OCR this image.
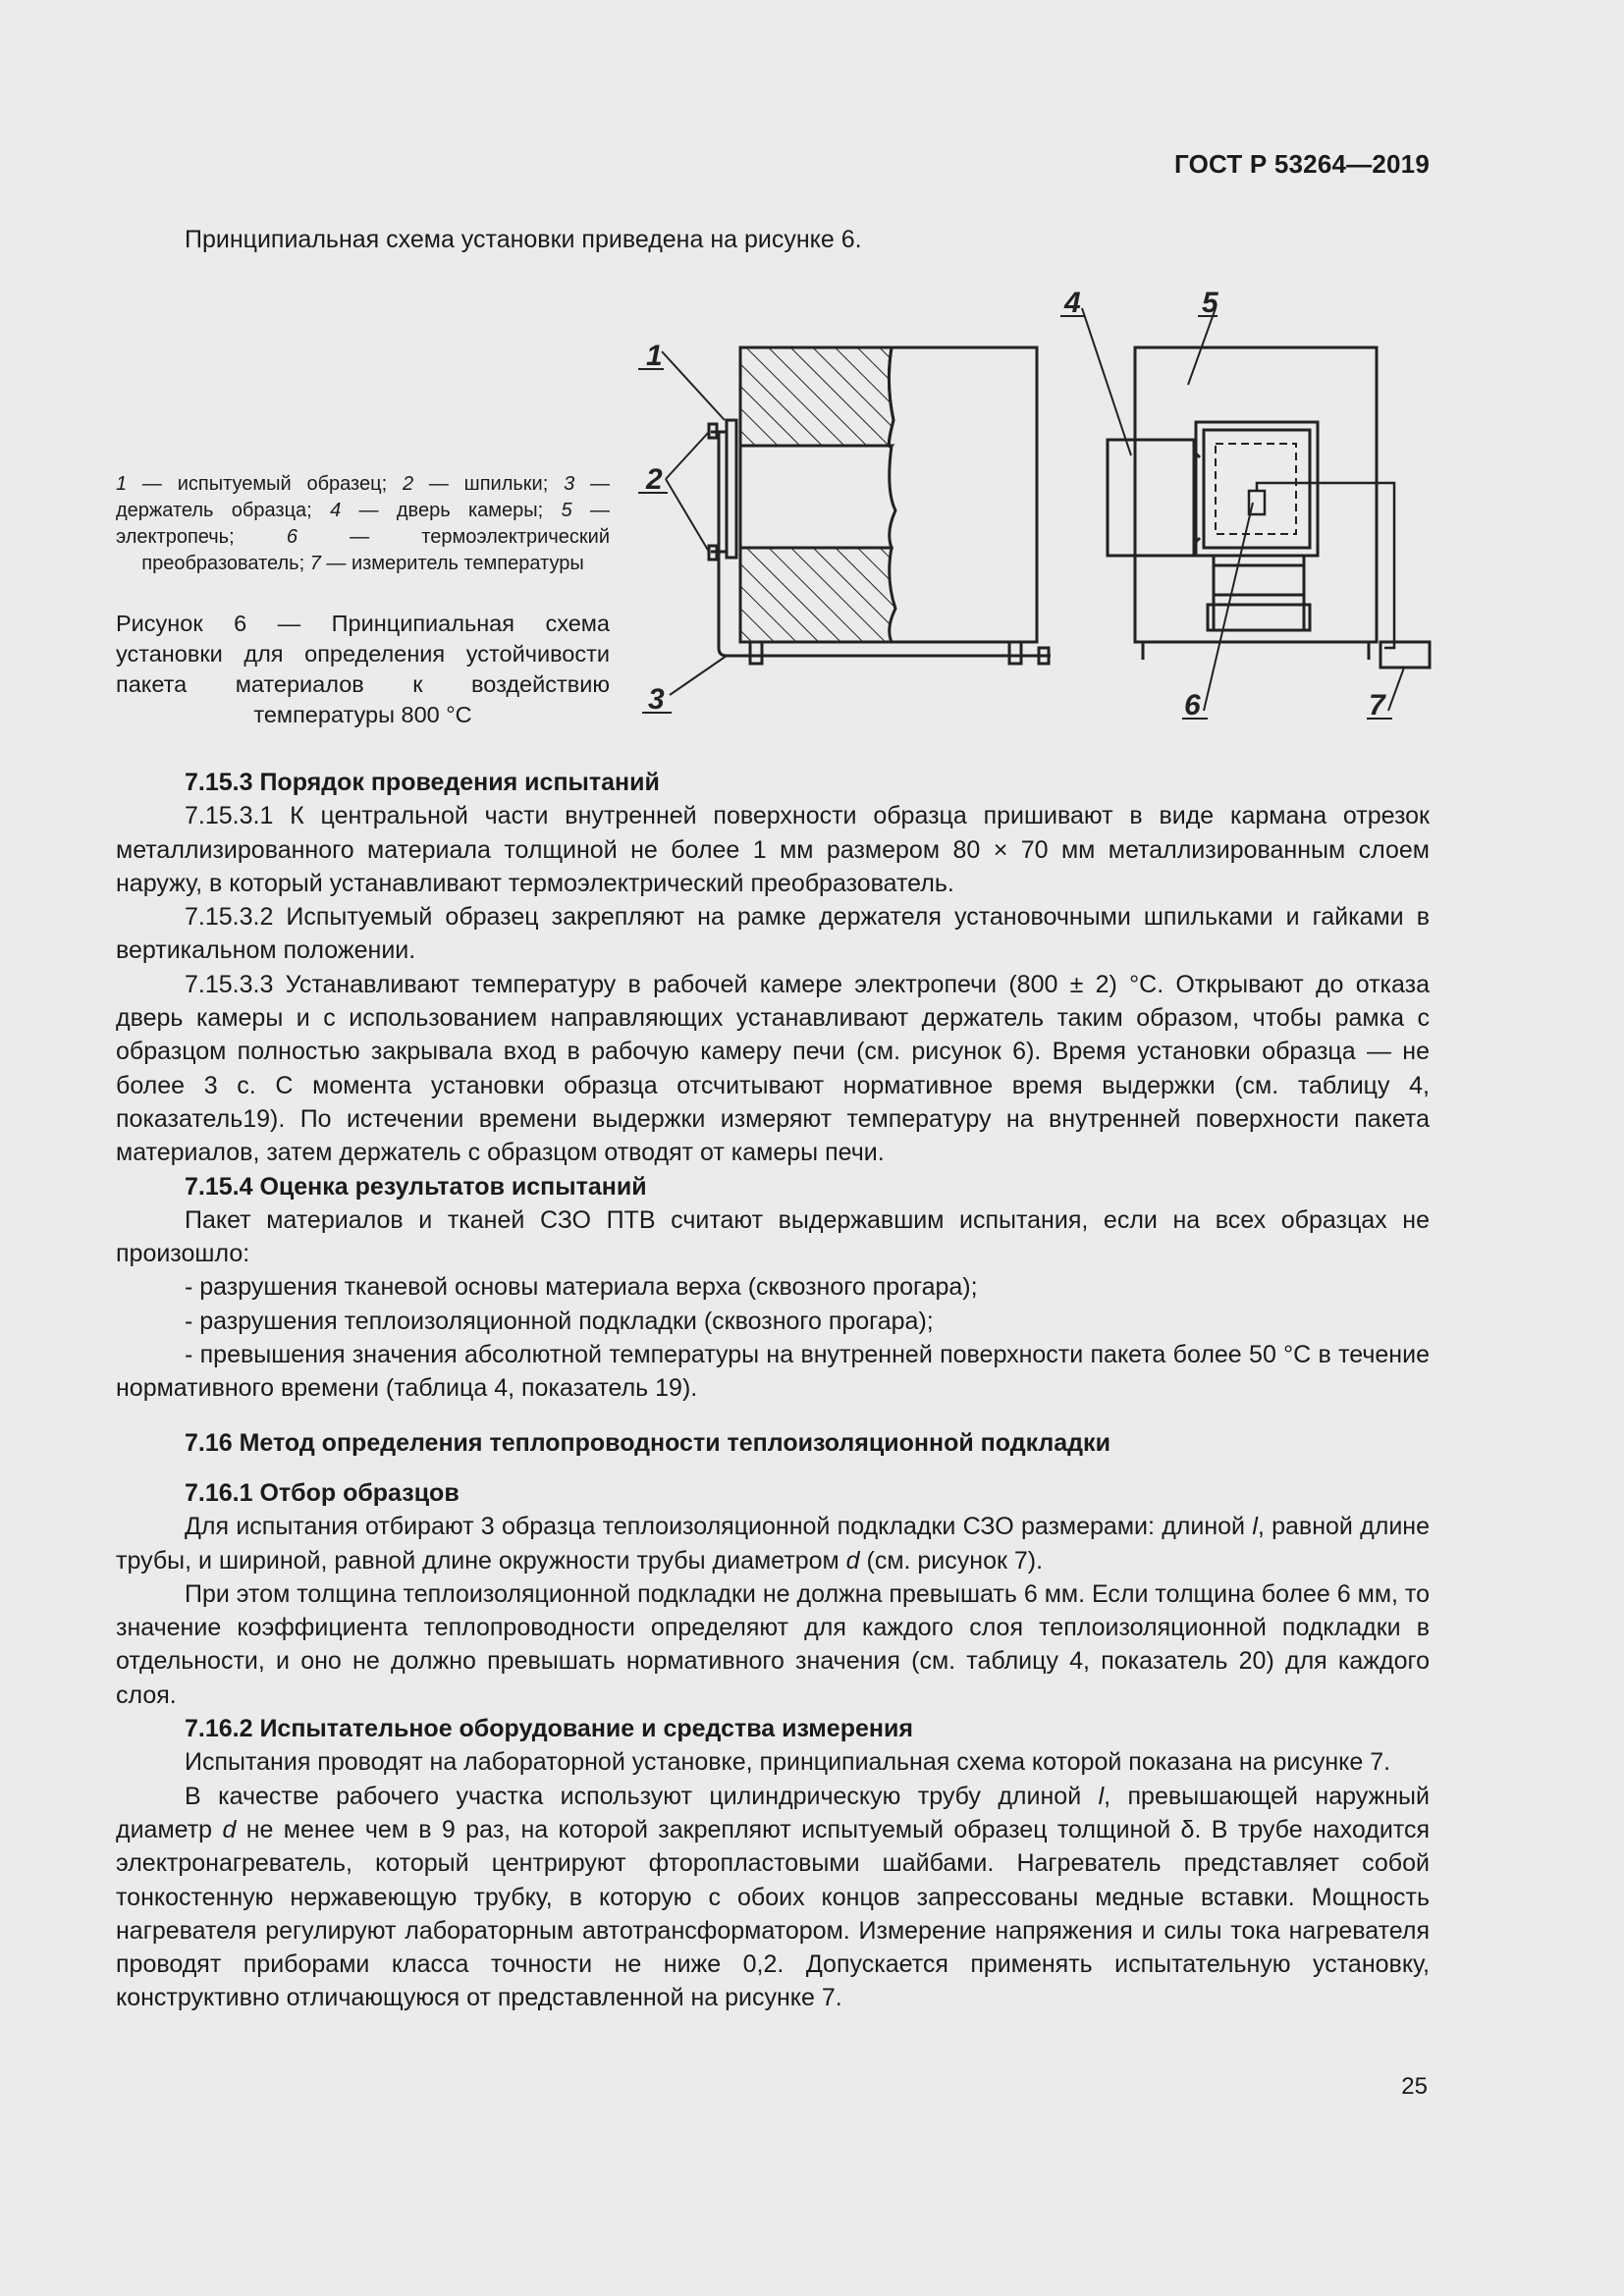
ГОСТ Р 53264—2019
Принципиальная схема установки приведена на рисунке 6.
1 — испытуемый образец; 2 — шпильки; 3 — держатель образца; 4 — дверь камеры; 5 — электропечь; 6 — термоэлектрический преобразователь; 7 — измеритель температуры
Рисунок 6 — Принципиальная схема установки для определения устойчивости пакета материалов к воздействию температуры 800 °С
1
2
3
4	5
6	7

7.15.3 Порядок проведения испытаний

7.15.3.1 К центральной части внутренней поверхности образца пришивают в виде кармана отрезок металлизированного материала толщиной не более 1 мм размером 80 × 70 мм металлизированным слоем наружу, в который устанавливают термоэлектрический преобразователь.

7.15.3.2 Испытуемый образец закрепляют на рамке держателя установочными шпильками и гайками в вертикальном положении.

7.15.3.3 Устанавливают температуру в рабочей камере электропечи (800 ± 2) °С. Открывают до отказа дверь камеры и с использованием направляющих устанавливают держатель таким образом, чтобы рамка с образцом полностью закрывала вход в рабочую камеру печи (см. рисунок 6). Время установки образца — не более 3 с. С момента установки образца отсчитывают нормативное время выдержки (см. таблицу 4, показатель19). По истечении времени выдержки измеряют температуру на внутренней поверхности пакета материалов, затем держатель с образцом отводят от камеры печи.

7.15.4 Оценка результатов испытаний

Пакет материалов и тканей СЗО ПТВ считают выдержавшим испытания, если на всех образцах не произошло:

- разрушения тканевой основы материала верха (сквозного прогара);

- разрушения теплоизоляционной подкладки (сквозного прогара);

- превышения значения абсолютной температуры на внутренней поверхности пакета более 50 °С в течение нормативного времени (таблица 4, показатель 19).

7.16 Метод определения теплопроводности теплоизоляционной подкладки

7.16.1 Отбор образцов

Для испытания отбирают 3 образца теплоизоляционной подкладки СЗО размерами: длиной l, равной длине трубы, и шириной, равной длине окружности трубы диаметром d (см. рисунок 7).

При этом толщина теплоизоляционной подкладки не должна превышать 6 мм. Если толщина более 6 мм, то значение коэффициента теплопроводности определяют для каждого слоя теплоизоляционной подкладки в отдельности, и оно не должно превышать нормативного значения (см. таблицу 4, показатель 20) для каждого слоя.

7.16.2 Испытательное оборудование и средства измерения

Испытания проводят на лабораторной установке, принципиальная схема которой показана на рисунке 7.

В качестве рабочего участка используют цилиндрическую трубу длиной l, превышающей наружный диаметр d не менее чем в 9 раз, на которой закрепляют испытуемый образец толщиной δ. В трубе находится электронагреватель, который центрируют фторопластовыми шайбами. Нагреватель представляет собой тонкостенную нержавеющую трубку, в которую с обоих концов запрессованы медные вставки. Мощность нагревателя регулируют лабораторным автотрансформатором. Измерение напряжения и силы тока нагревателя проводят приборами класса точности не ниже 0,2. Допускается применять испытательную установку, конструктивно отличающуюся от представленной на рисунке 7.

25
